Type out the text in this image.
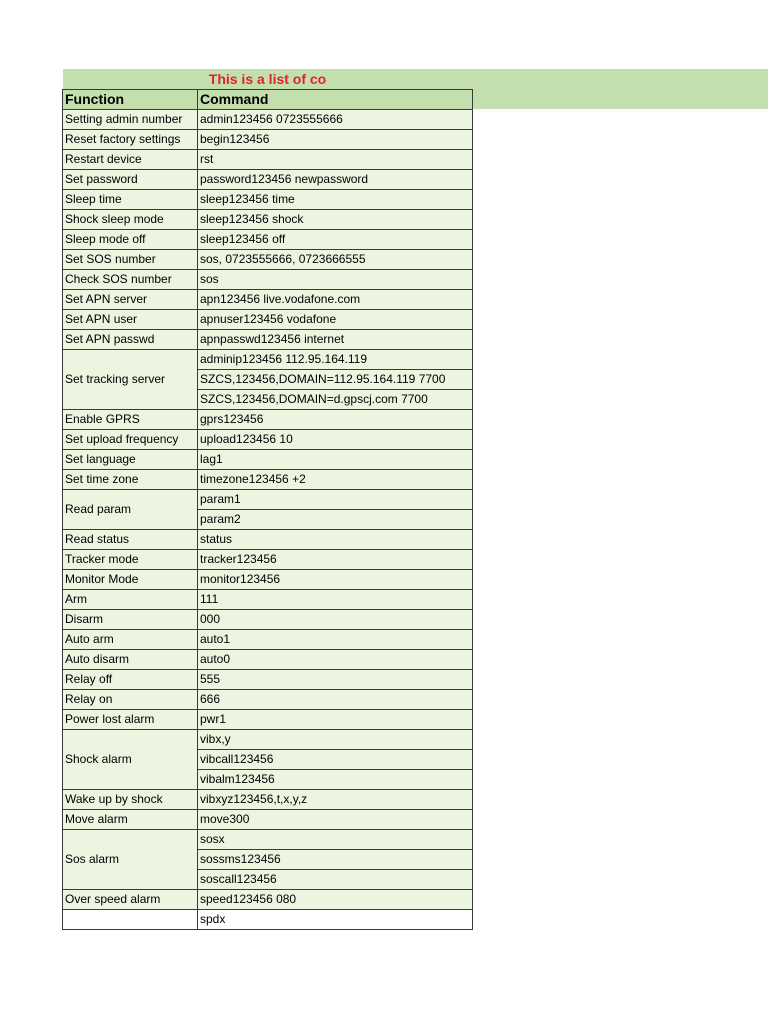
This is a list of co
Function	Command
Setting admin number	admin123456 0723555666
Reset factory settings	begin123456
Restart device	rst
Set password	password123456 newpassword
Sleep time	sleep123456 time
Shock sleep mode	sleep123456 shock
Sleep mode off	sleep123456 off
Set SOS number	sos, 0723555666, 0723666555
Check SOS number	sos
Set APN server	apn123456 live.vodafone.com
Set APN user	apnuser123456 vodafone
Set APN passwd	apnpasswd123456 internet
Set tracking server	adminip123456 112.95.164.119
	SZCS,123456,DOMAIN=112.95.164.119 7700
	SZCS,123456,DOMAIN=d.gpscj.com 7700
Enable GPRS	gprs123456
Set upload frequency	upload123456 10
Set language	lag1
Set time zone	timezone123456 +2
Read param	param1
	param2
Read status	status
Tracker mode	tracker123456
Monitor Mode	monitor123456
Arm	111
Disarm	000
Auto arm	auto1
Auto disarm	auto0
Relay off	555
Relay on	666
Power lost alarm	pwr1
Shock alarm	vibx,y
	vibcall123456
	vibalm123456
Wake up by shock	vibxyz123456,t,x,y,z
Move alarm	move300
Sos alarm	sosx
	sossms123456
	soscall123456
Over speed alarm	speed123456 080
	spdx
